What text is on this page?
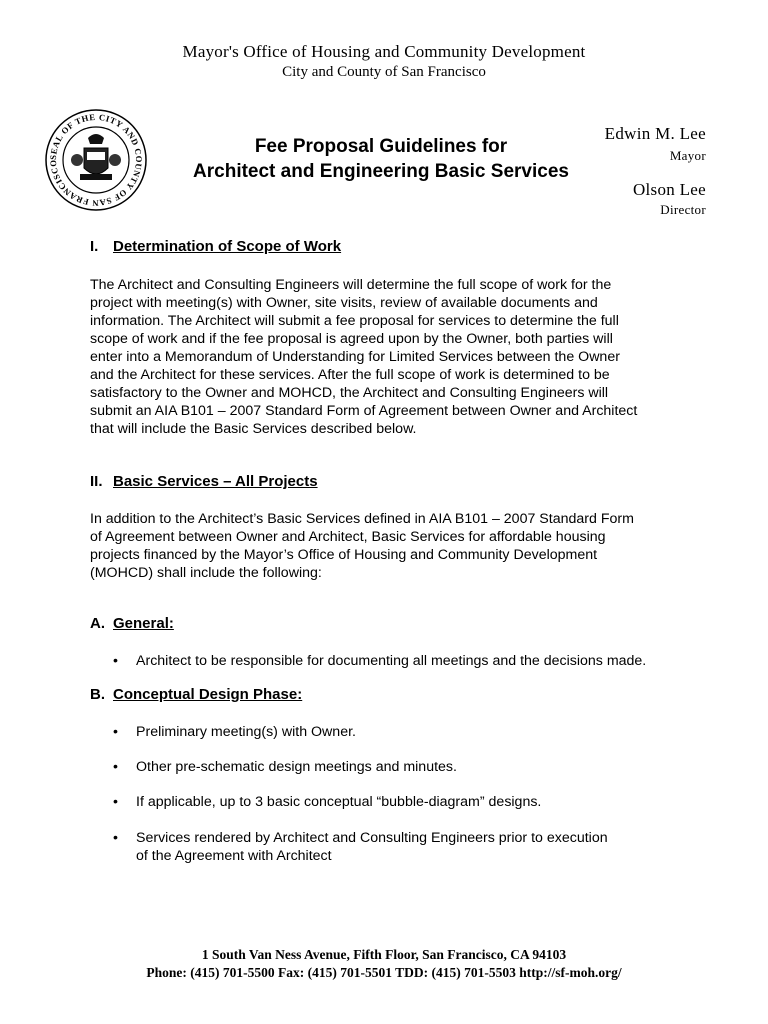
Mayor's Office of Housing and Community Development
City and County of San Francisco
SEAL OF THE CITY AND COUNTY OF SAN FRANCISCO
Fee Proposal Guidelines for
Architect and Engineering Basic Services
Edwin M. Lee
Mayor
Olson Lee
Director
I. Determination of Scope of Work
The Architect and Consulting Engineers will determine the full scope of work for the
project with meeting(s) with Owner, site visits, review of available documents and
information. The Architect will submit a fee proposal for services to determine the full
scope of work and if the fee proposal is agreed upon by the Owner, both parties will
enter into a Memorandum of Understanding for Limited Services between the Owner
and the Architect for these services. After the full scope of work is determined to be
satisfactory to the Owner and MOHCD, the Architect and Consulting Engineers will
submit an AIA B101 – 2007 Standard Form of Agreement between Owner and Architect
that will include the Basic Services described below.
II. Basic Services – All Projects
In addition to the Architect’s Basic Services defined in AIA B101 – 2007 Standard Form
of Agreement between Owner and Architect, Basic Services for affordable housing
projects financed by the Mayor’s Office of Housing and Community Development
(MOHCD) shall include the following:
A. General:
• Architect to be responsible for documenting all meetings and the decisions made.
B. Conceptual Design Phase:
• Preliminary meeting(s) with Owner.
• Other pre-schematic design meetings and minutes.
• If applicable, up to 3 basic conceptual “bubble-diagram” designs.
• Services rendered by Architect and Consulting Engineers prior to execution
of the Agreement with Architect
1 South Van Ness Avenue, Fifth Floor, San Francisco, CA 94103
Phone: (415) 701-5500 Fax: (415) 701-5501 TDD: (415) 701-5503 http://sf-moh.org/
